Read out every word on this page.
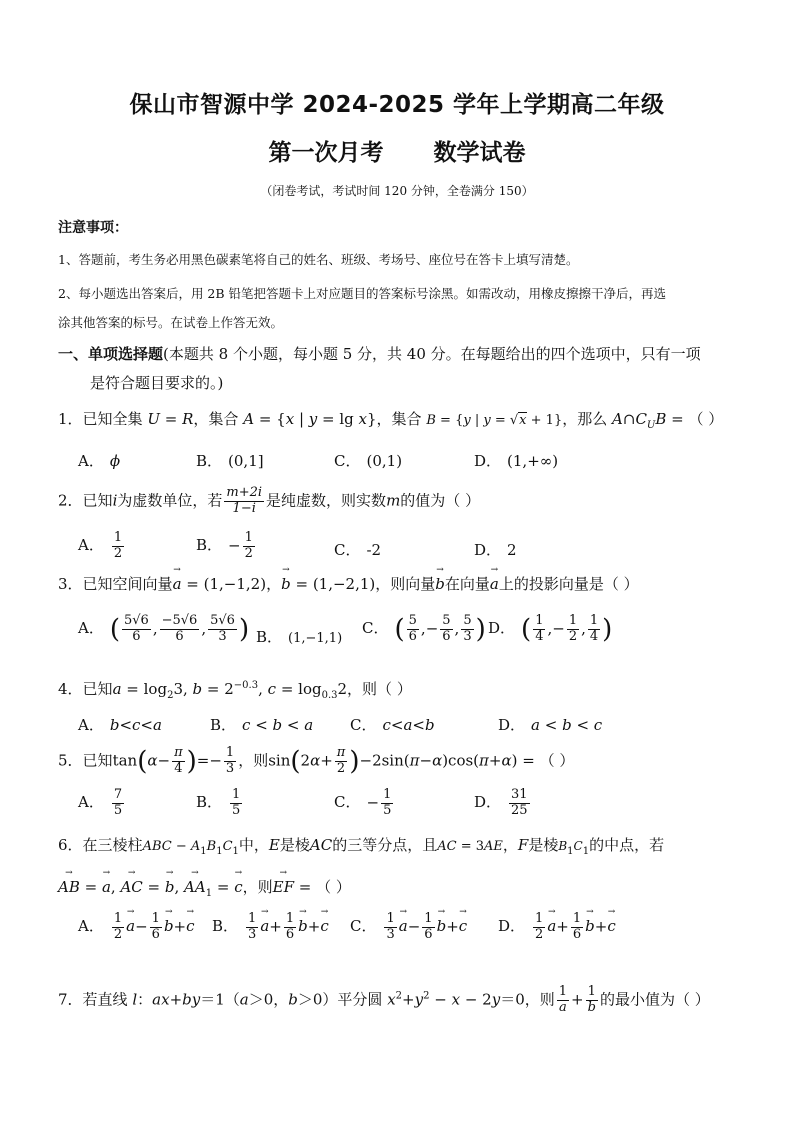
保山市智源中学 2024-2025 学年上学期高二年级
第一次月考 数学试卷
（闭卷考试，考试时间 120 分钟，全卷满分 150）
注意事项：
1、答题前，考生务必用黑色碳素笔将自己的姓名、班级、考场号、座位号在答卡上填写清楚。
2、每小题选出答案后，用 2B 铅笔把答题卡上对应题目的答案标号涂黑。如需改动，用橡皮擦擦干净后，再选
涂其他答案的标号。在试卷上作答无效。
一、单项选择题(本题共 8 个小题，每小题 5 分，共 40 分。在每题给出的四个选项中，只有一项
是符合题目要求的。)
1．已知全集 U = R，集合 A = {x | y = lg x}，集合 B = {y | y = √x + 1}，那么 $A\cap C_UB$ = （ ）
A． ϕ	B． (0,1]	C． (0,1)	D． (1,+∞)
2．已知i为虚数单位，若 $\frac{m+2i}{1-i}$ 是纯虚数，则实数m的值为（ ）
A． $\frac{1}{2}$	B． − $\frac{1}{2}$	C． -2	D． 2
3．已知空间向量→ a = (1,−1,2)，→ b = (1,−2,1)，则向量→ b在向量→ a上的投影向量是（ ）
A． ( $\frac{5√6}{6}$ , $\frac{-5√6}{6}$ , $\frac{5√6}{3}$ ) B． (1,−1,1)
C． ( $\frac{5}{6}$ ,− $\frac{5}{6}$ , $\frac{5}{3}$ ) D． ( $\frac{1}{4}$ ,− $\frac{1}{2}$ , $\frac{1}{4}$ )
4．已知$a = \log_23$, $b = 2^{-0.3}$, $c = \log_{0.3}2$，则（ ）
A． b<c<a	B． c < b < a C． c<a<b	D． a < b < c
5．已知$\tan(\alpha- \frac{\pi}{4}$ )=− $\frac{1}{3}$ ，则$\sin(2\alpha+ \frac{\pi}{2} )-2\sin(\pi-\alpha)\cos(\pi+\alpha)$ = （ ）
A． $\frac{7}{5}$	B． $\frac{1}{5}$	C． − $\frac{1}{5}$	D． $\frac{31}{25}$
6．在三棱柱ABC − $A_1B_1C_1$中，E是棱AC的三等分点，且AC = 3AE，F是棱$B_1C_1$的中点，若
→ AB = → a, → AC = → b, → $AA_1$ = → c，则→ EF = （ ）
A． $\frac{1}{2}$
→ $a- \frac{1}{6}$
→ b+→ c B． $\frac{1}{3}$
→ $a+ \frac{1}{6}$
→ b+→ c C． $\frac{1}{3}$
→ $a- \frac{1}{6}$
→ b+→ c D． $\frac{1}{2}$
→ $a+ \frac{1}{6}$
→ b+→ c
7．若直线 l：ax+by＝1（a＞0，b＞0）平分圆 $x^2+y^2 - x - 2y=0$，则 $\frac{1}{a} + \frac{1}{b}$ 的最小值为（ ）
